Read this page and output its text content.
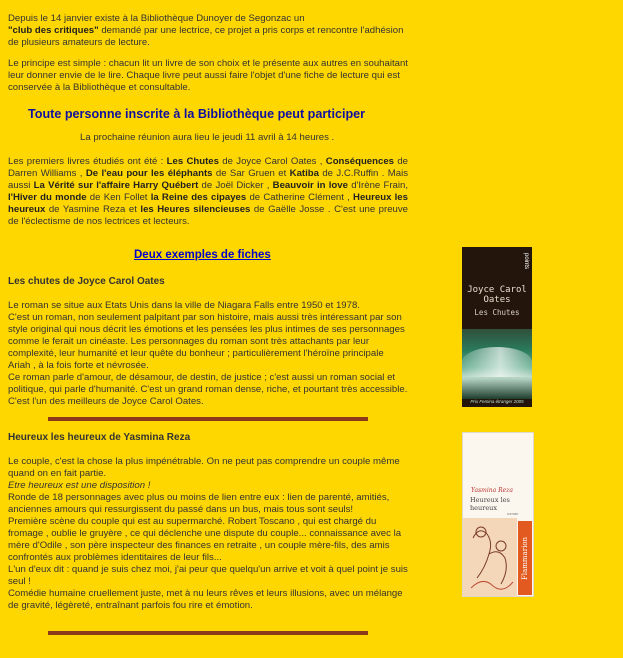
Depuis le 14 janvier existe à la Bibliothèque Dunoyer de Segonzac un
"club des critiques" demandé par une lectrice, ce projet a pris corps et rencontre l'adhésion de plusieurs amateurs de lecture.

Le principe est simple : chacun lit un livre de son choix et le présente aux autres en souhaitant leur donner envie de le lire. Chaque livre peut aussi faire l'objet d'une fiche de lecture qui est conservée à la Bibliothèque et consultable.

Toute personne inscrite à la Bibliothèque peut participer

La prochaine réunion aura lieu le jeudi 11 avril à 14 heures .

Les premiers livres étudiés ont été : Les Chutes de Joyce Carol Oates , Conséquences de Darren Williams , De l'eau pour les éléphants de Sar Gruen et Katiba de J.C.Ruffin . Mais aussi La Vérité sur l'affaire Harry Québert de Joël Dicker , Beauvoir in love d'Irène Frain, l'Hiver du monde de Ken Follet la Reine des cipayes de Catherine Clément , Heureux les heureux de Yasmine Reza et les Heures silencieuses de Gaëlle Josse . C'est une preuve de l'éclectisme de nos lectrices et lecteurs.

Deux exemples de fiches
Les chutes de Joyce Carol Oates

Le roman se situe aux Etats Unis dans la ville de Niagara Falls entre 1950 et 1978.

C'est un roman, non seulement palpitant par son histoire, mais aussi très intéressant par son style original qui nous décrit les émotions et les pensées les plus intimes de ses personnages comme le ferait un cinéaste. Les personnages du roman sont très attachants par leur complexité, leur humanité et leur quête du bonheur ; particulièrement l'héroïne principale Ariah , à la fois forte et névrosée.

Ce roman parle d'amour, de désamour, de destin, de justice ; c'est aussi un roman social et politique, qui parle d'humanité. C'est un grand roman dense, riche, et pourtant très accessible. C'est l'un des meilleurs de Joyce Carol Oates.

Heureux les heureux de Yasmina Reza

Le couple, c'est la chose la plus impénétrable. On ne peut pas comprendre un couple même quand on en fait partie.

Etre heureux est une disposition !

Ronde de 18 personnages avec plus ou moins de lien entre eux : lien de parenté, amitiés, anciennes amours qui ressurgissent du passé dans un bus, mais tous sont seuls!

Première scène du couple qui est au supermarché. Robert Toscano , qui est chargé du fromage , oublie le gruyère , ce qui déclenche une dispute du couple... connaissance avec la mère d'Odile , son père inspecteur des finances en retraite , un couple mère-fils, des amis confrontés aux problèmes identitaires de leur fils...

L'un d'eux dit : quand je suis chez moi, j'ai peur que quelqu'un arrive et voit à quel point je suis seul !

Comédie humaine cruellement juste, met à nu leurs rêves et leurs illusions, avec un mélange de gravité, légèreté, entraînant parfois fou rire et émotion.

points
Joyce Carol Oates
Les Chutes
Prix Femina étranger 2005
Yasmina Reza
Heureux les heureux
roman
Flammarion
